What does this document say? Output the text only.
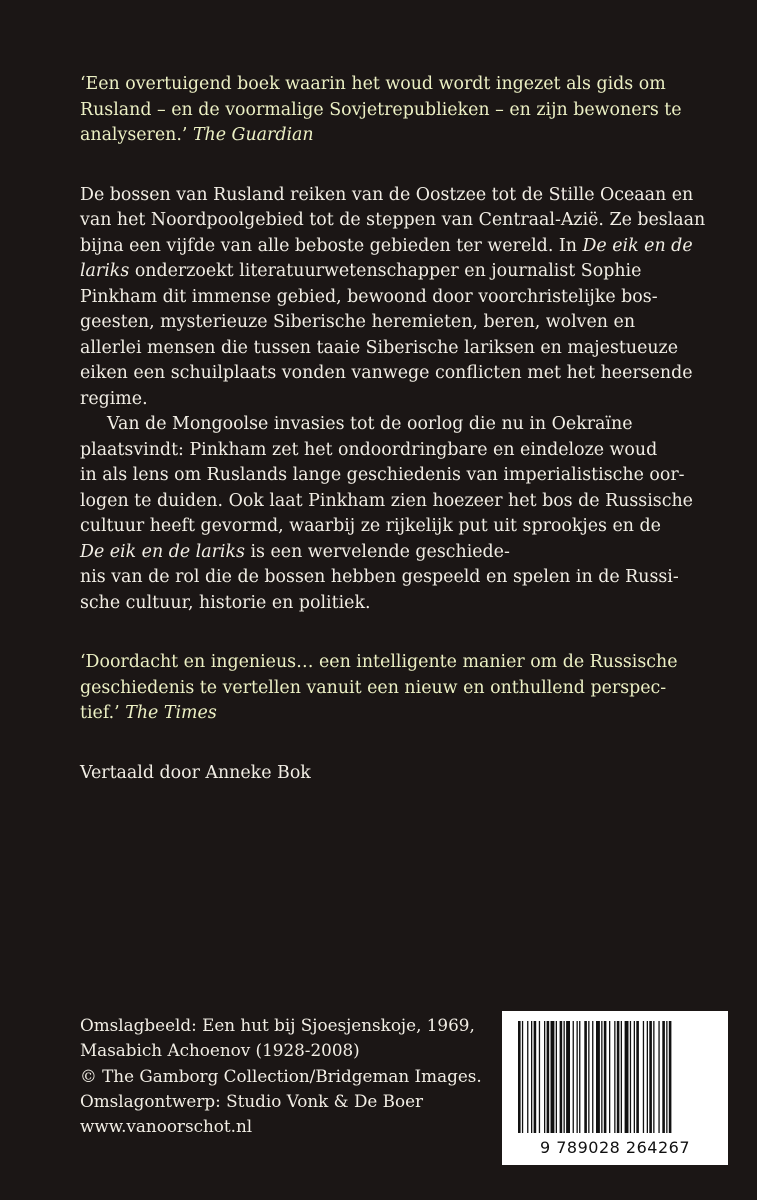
‘Een overtuigend boek waarin het woud wordt ingezet als gids om
Rusland – en de voormalige Sovjetrepublieken – en zijn bewoners te
analyseren.’ The Guardian

De bossen van Rusland reiken van de Oostzee tot de Stille Oceaan en
van het Noordpoolgebied tot de steppen van Centraal-Azië. Ze beslaan
bijna een vijfde van alle beboste gebieden ter wereld. In De eik en de
lariks onderzoekt literatuurwetenschapper en journalist Sophie
Pinkham dit immense gebied, bewoond door voorchristelijke bos-
geesten, mysterieuze Siberische heremieten, beren, wolven en
allerlei mensen die tussen taaie Siberische lariksen en majestueuze
eiken een schuilplaats vonden vanwege conflicten met het heersende
regime.

Van de Mongoolse invasies tot de oorlog die nu in Oekraïne
plaatsvindt: Pinkham zet het ondoordringbare en eindeloze woud
in als lens om Ruslands lange geschiedenis van imperialistische oor-
logen te duiden. Ook laat Pinkham zien hoezeer het bos de Russische
cultuur heeft gevormd, waarbij ze rijkelijk put uit sprookjes en de
De eik en de lariks is een wervelende geschiede-
nis van de rol die de bossen hebben gespeeld en spelen in de Russi-
sche cultuur, historie en politiek.

‘Doordacht en ingenieus… een intelligente manier om de Russische
geschiedenis te vertellen vanuit een nieuw en onthullend perspec-
tief.’ The Times

Vertaald door Anneke Bok

Omslagbeeld: Een hut bij Sjoesjenskoje, 1969,
Masabich Achoenov (1928-2008)
© The Gamborg Collection/Bridgeman Images.
Omslagontwerp: Studio Vonk & De Boer
www.vanoorschot.nl
9 789028 264267
